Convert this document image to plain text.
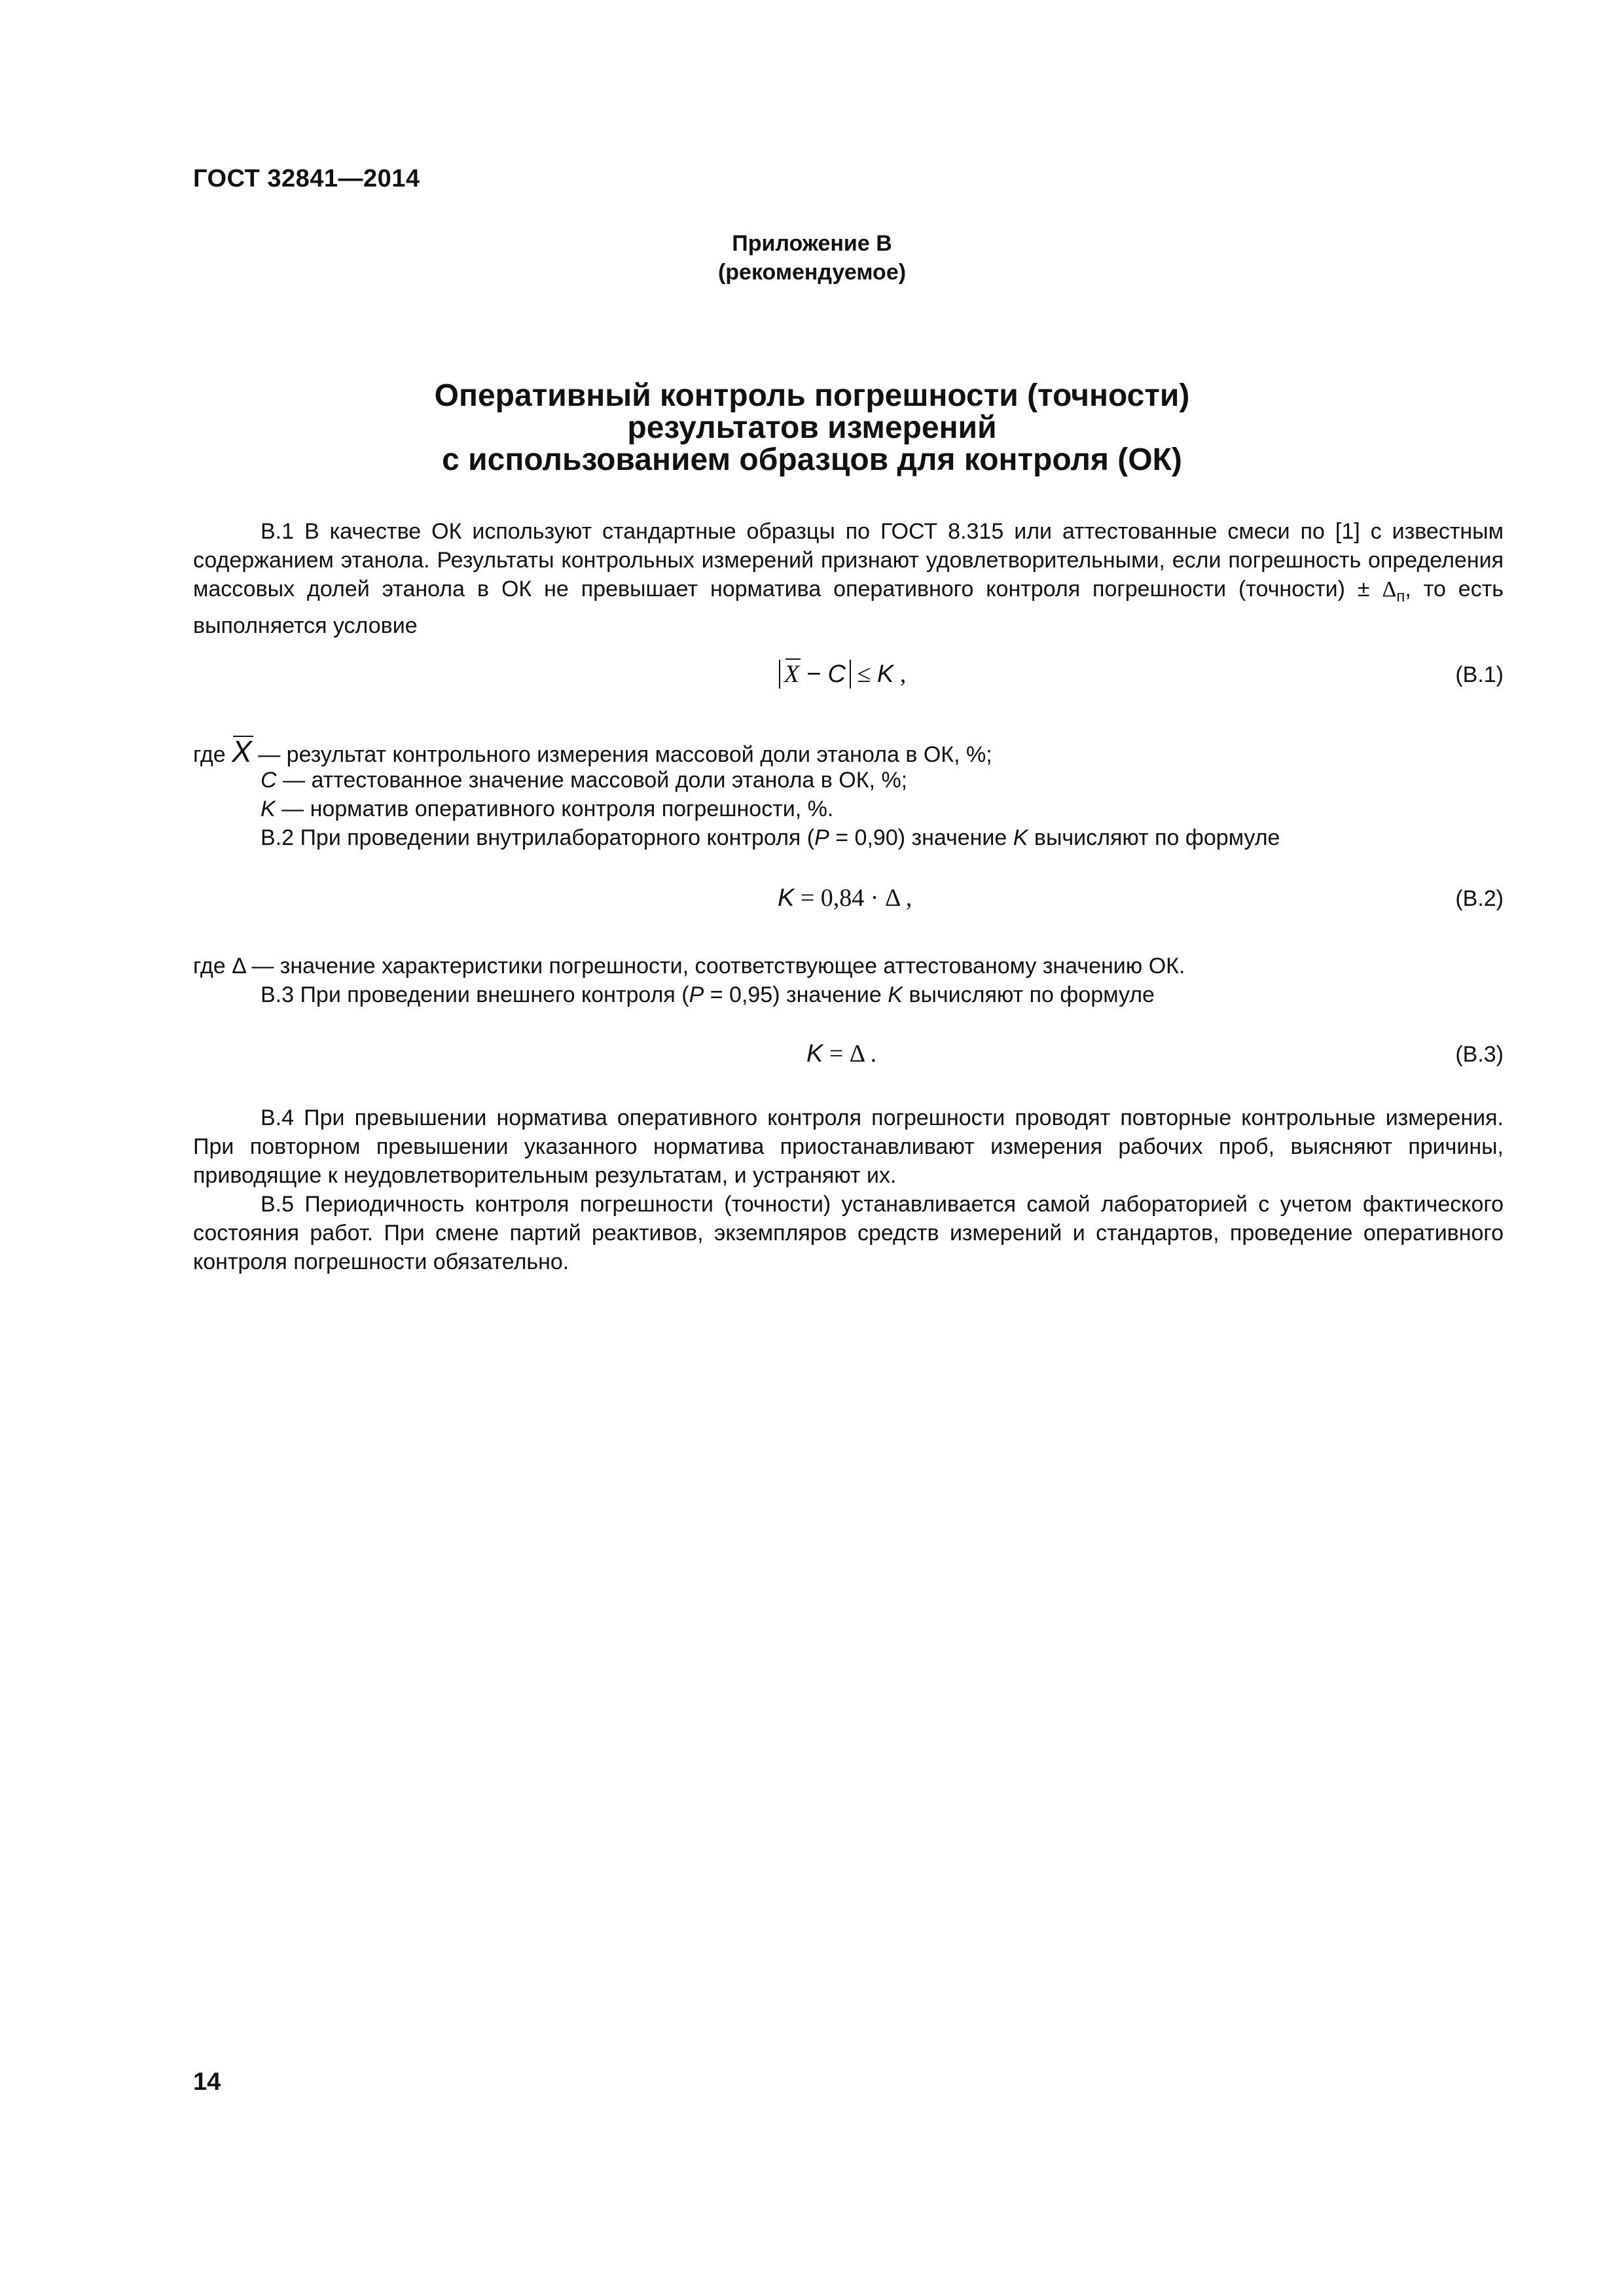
ГОСТ 32841—2014
Приложение В
(рекомендуемое)
Оперативный контроль погрешности (точности)
результатов измерений
с использованием образцов для контроля (ОК)

В.1 В качестве ОК используют стандартные образцы по ГОСТ 8.315 или аттестованные смеси по [1] с известным содержанием этанола. Результаты контрольных измерений признают удовлетворительными, если погрешность определения массовых долей этанола в ОК не превышает норматива оперативного контроля погрешности (точности) ± $\Delta_п$, то есть выполняется условие

X − C ≤ K ,	(B.1)
где X — результат контрольного измерения массовой доли этанола в ОК, %;
C — аттестованное значение массовой доли этанола в ОК, %;
K — норматив оперативного контроля погрешности, %.
В.2 При проведении внутрилабораторного контроля (P = 0,90) значение K вычисляют по формуле
K = 0,84 · Δ ,	(B.2)
где Δ — значение характеристики погрешности, соответствующее аттестованому значению ОК.
В.3 При проведении внешнего контроля (P = 0,95) значение K вычисляют по формуле
K = Δ .	(B.3)

В.4 При превышении норматива оперативного контроля погрешности проводят повторные контрольные измерения. При повторном превышении указанного норматива приостанавливают измерения рабочих проб, выясняют причины, приводящие к неудовлетворительным результатам, и устраняют их.

В.5 Периодичность контроля погрешности (точности) устанавливается самой лабораторией с учетом фактического состояния работ. При смене партий реактивов, экземпляров средств измерений и стандартов, проведение оперативного контроля погрешности обязательно.

14
